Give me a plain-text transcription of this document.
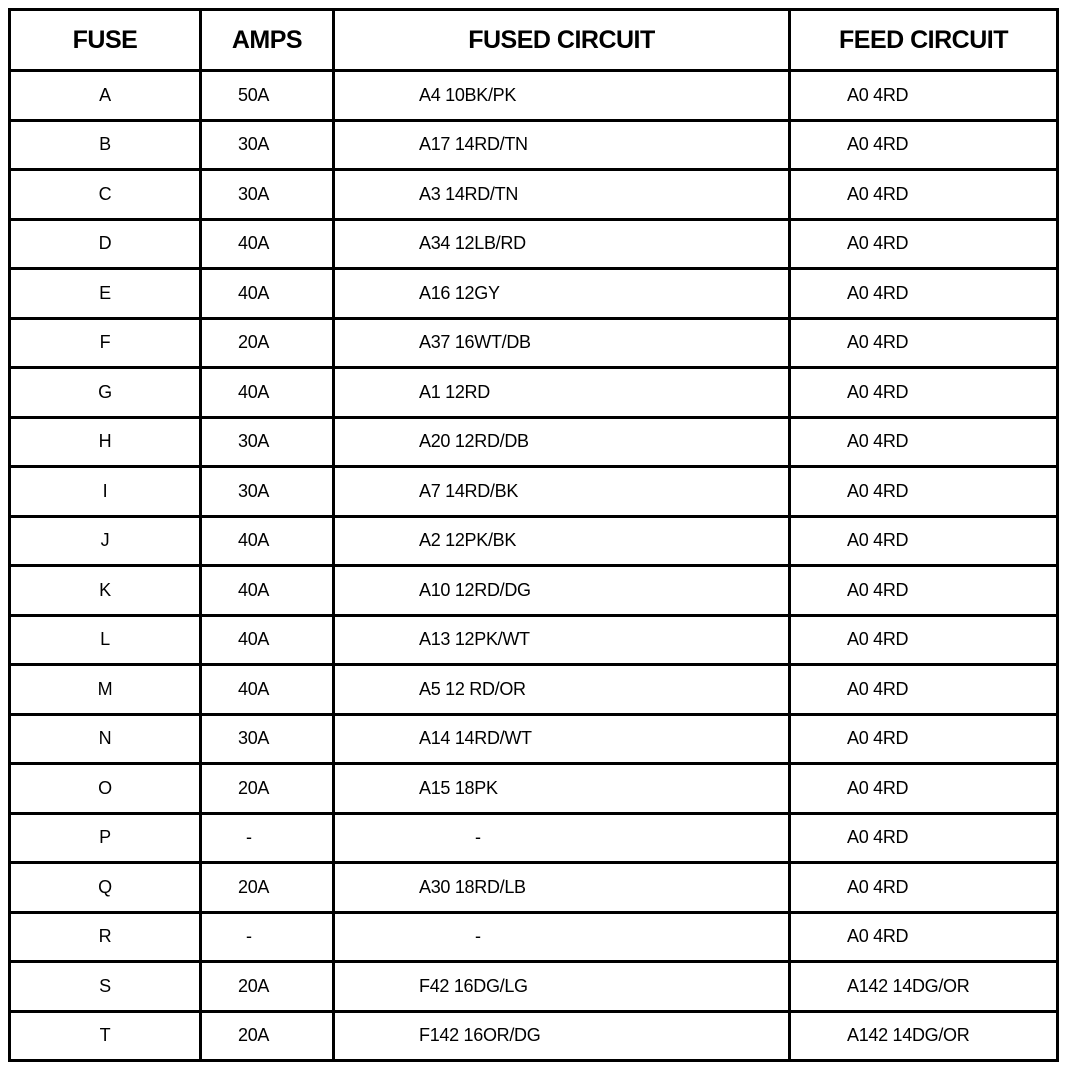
FUSE	AMPS	FUSED CIRCUIT	FEED CIRCUIT
A	50A	A4 10BK/PK	A0 4RD
B	30A	A17 14RD/TN	A0 4RD
C	30A	A3 14RD/TN	A0 4RD
D	40A	A34 12LB/RD	A0 4RD
E	40A	A16 12GY	A0 4RD
F	20A	A37 16WT/DB	A0 4RD
G	40A	A1 12RD	A0 4RD
H	30A	A20 12RD/DB	A0 4RD
I	30A	A7 14RD/BK	A0 4RD
J	40A	A2 12PK/BK	A0 4RD
K	40A	A10 12RD/DG	A0 4RD
L	40A	A13 12PK/WT	A0 4RD
M	40A	A5 12 RD/OR	A0 4RD
N	30A	A14 14RD/WT	A0 4RD
O	20A	A15 18PK	A0 4RD
P	-	-	A0 4RD
Q	20A	A30 18RD/LB	A0 4RD
R	-	-	A0 4RD
S	20A	F42 16DG/LG	A142 14DG/OR
T	20A	F142 16OR/DG	A142 14DG/OR
